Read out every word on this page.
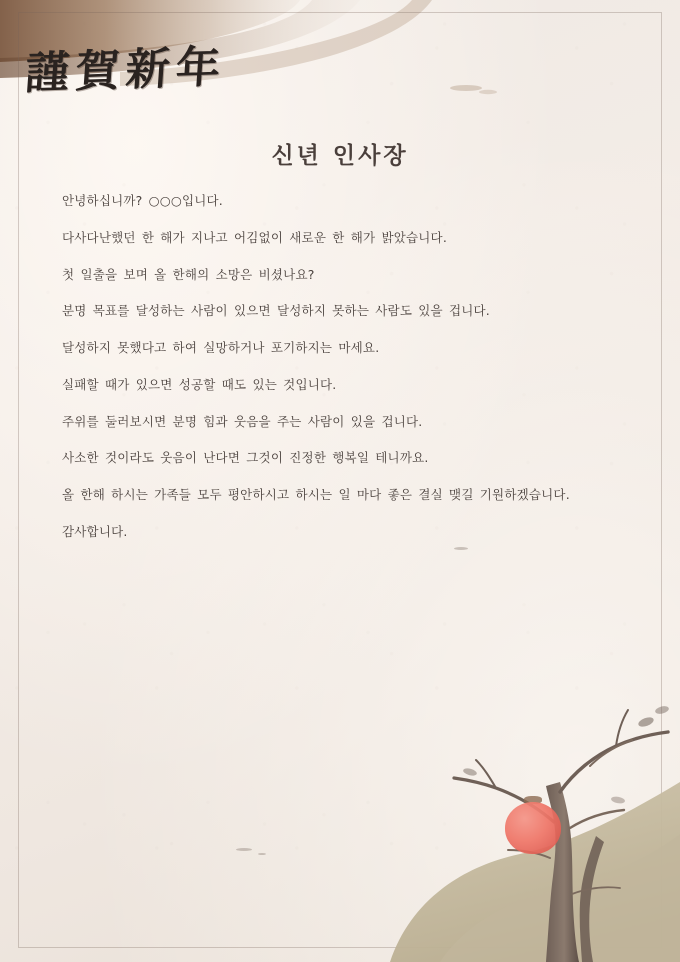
謹賀新年
신년 인사장

안녕하십니까? ○○○입니다.

다사다난했던 한 해가 지나고 어김없이 새로운 한 해가 밝았습니다.

첫 일출을 보며 올 한해의 소망은 비셨나요?

분명 목표를 달성하는 사람이 있으면 달성하지 못하는 사람도 있을 겁니다.

달성하지 못했다고 하여 실망하거나 포기하지는 마세요.

실패할 때가 있으면 성공할 때도 있는 것입니다.

주위를 둘러보시면 분명 힘과 웃음을 주는 사람이 있을 겁니다.

사소한 것이라도 웃음이 난다면 그것이 진정한 행복일 테니까요.

올 한해 하시는 가족들 모두 평안하시고 하시는 일 마다 좋은 결실 맺길 기원하겠습니다.

감사합니다.
